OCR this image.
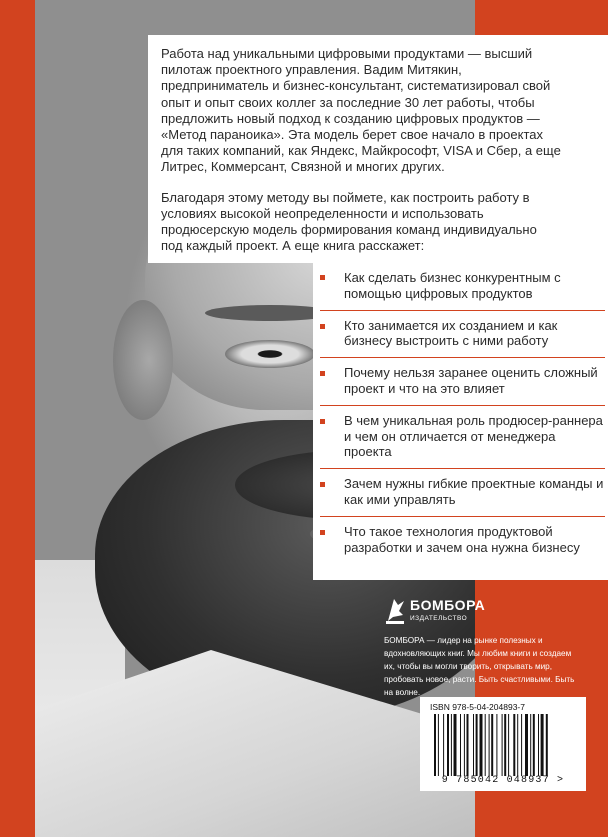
Работа над уникальными цифровыми продуктами — высший пилотаж проектного управления. Вадим Митякин, предприниматель и бизнес-консультант, систематизировал свой опыт и опыт своих коллег за последние 30 лет работы, чтобы предложить новый подход к созданию цифровых продуктов — «Метод параноика». Эта модель берет свое начало в проектах для таких компаний, как Яндекс, Майкрософт, VISA и Сбер, а еще Литрес, Коммерсант, Связной и многих других.

Благодаря этому методу вы поймете, как построить работу в условиях высокой неопределенности и использовать продюсерскую модель формирования команд индивидуально под каждый проект. А еще книга расскажет:

Как сделать бизнес конкурентным с помощью цифровых продуктов
Кто занимается их созданием и как бизнесу выстроить с ними работу
Почему нельзя заранее оценить сложный проект и что на это влияет
В чем уникальная роль продюсер-раннера и чем он отличается от менеджера проекта
Зачем нужны гибкие проектные команды и как ими управлять
Что такое технология продуктовой разработки и зачем она нужна бизнесу
БОМБОРА
ИЗДАТЕЛЬСТВО

БОМБОРА — лидер на рынке полезных и вдохновляющих книг. Мы любим книги и создаем их, чтобы вы могли творить, открывать мир, пробовать новое, расти. Быть счастливыми. Быть на волне.

ISBN 978-5-04-204893-7
9 785042 048937 >
